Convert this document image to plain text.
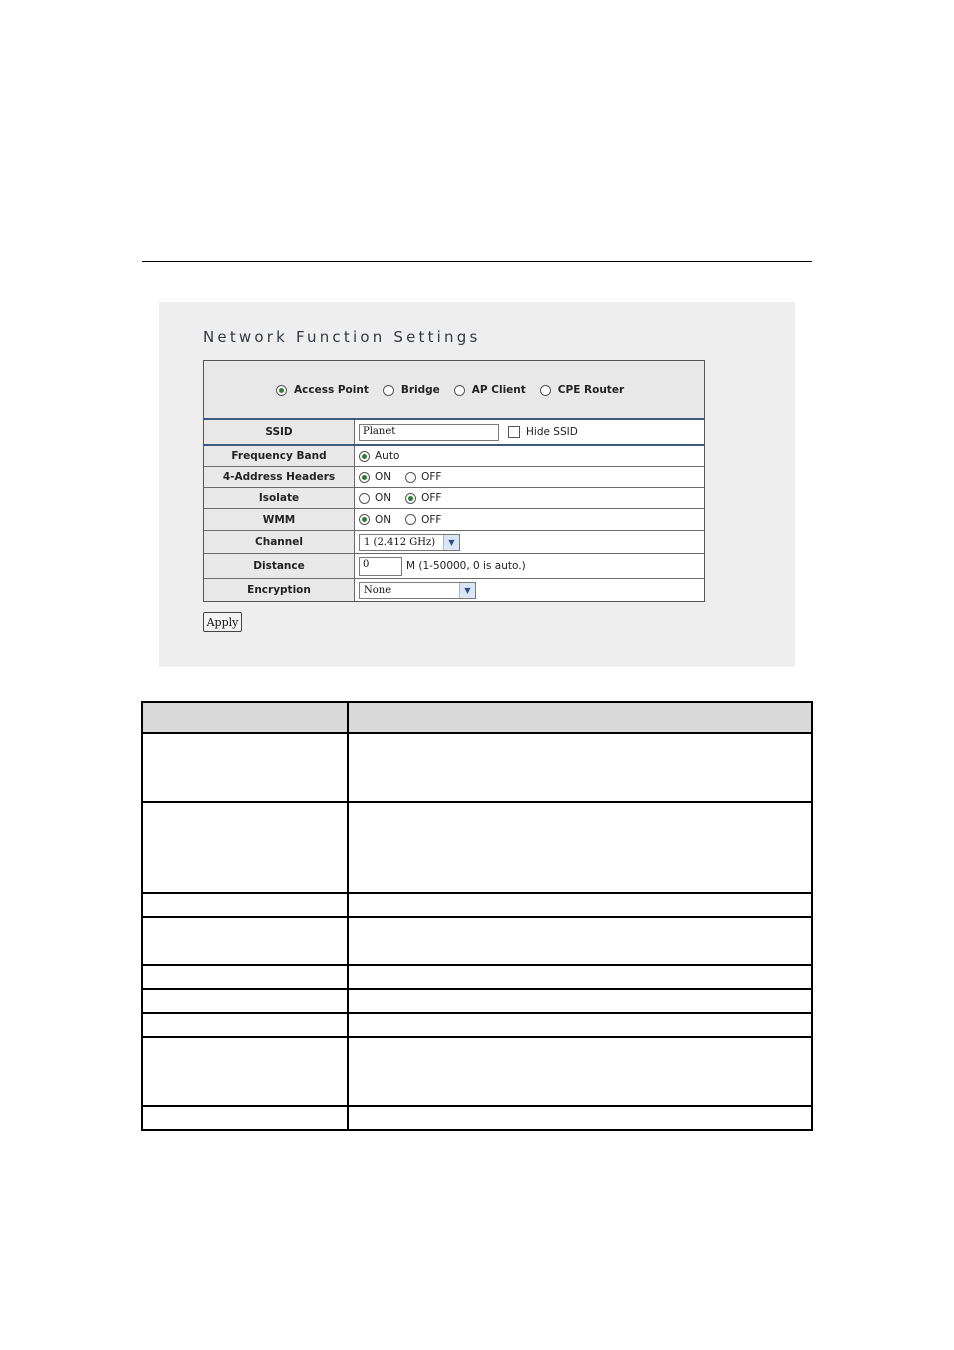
Network Function Settings
Access Point	Bridge	AP Client	CPE Router
SSID	Planet	Hide SSID
Frequency Band	Auto
4-Address Headers	ON	OFF
Isolate	ON	OFF
WMM	ON	OFF
Channel	1 (2.412 GHz)	▼
Distance	0	M (1-50000, 0 is auto.)
Encryption	None	▼
Apply
